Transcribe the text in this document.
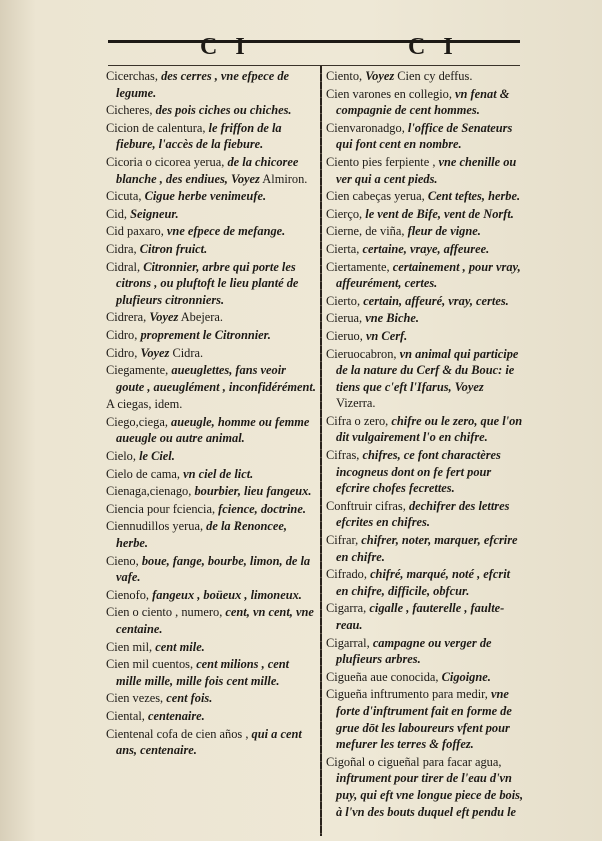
C I	C I
Cicerchas, des cerres , vne efpece de legume.
Cicheres, des pois ciches ou chiches.
Cicion de calentura, le friffon de la fiebure, l'accès de la fiebure.
Cicoria o cicorea yerua, de la chicoree blanche , des endiues, Voyez Almiron.
Cicuta, Cigue herbe venimeufe.
Cid, Seigneur.
Cid paxaro, vne efpece de mefange.
Cidra, Citron fruict.
Cidral, Citronnier, arbre qui porte les citrons , ou pluftoft le lieu planté de plufieurs citronniers.
Cidrera, Voyez Abejera.
Cidro, proprement le Citronnier.
Cidro, Voyez Cidra.
Ciegamente, aueuglettes, fans veoir goute , aueuglément , inconfidérément.
A ciegas, idem.
Ciego,ciega, aueugle, homme ou femme aueugle ou autre animal.
Cielo, le Ciel.
Cielo de cama, vn ciel de lict.
Cienaga,cienago, bourbier, lieu fangeux.
Ciencia pour fciencia, fcience, doctrine.
Ciennudillos yerua, de la Renoncee, herbe.
Cieno, boue, fange, bourbe, limon, de la vafe.
Cienofo, fangeux , boüeux , limoneux.
Cien o ciento , numero, cent, vn cent, vne centaine.
Cien mil, cent mile.
Cien mil cuentos, cent milions , cent mille mille, mille fois cent mille.
Cien vezes, cent fois.
Ciental, centenaire.
Cientenal cofa de cien años , qui a cent ans, centenaire.
Ciento, Voyez Cien cy deffus.
Cien varones en collegio, vn fenat & compagnie de cent hommes.
Cienvaronadgo, l'office de Senateurs qui font cent en nombre.
Ciento pies ferpiente , vne chenille ou ver qui a cent pieds.
Cien cabeças yerua, Cent teftes, herbe.
Cierço, le vent de Bife, vent de Norft.
Cierne, de viña, fleur de vigne.
Cierta, certaine, vraye, affeuree.
Ciertamente, certainement , pour vray, affeurément, certes.
Cierto, certain, affeuré, vray, certes.
Cierua, vne Biche.
Cieruo, vn Cerf.
Cieruocabron, vn animal qui participe de la nature du Cerf & du Bouc: ie tiens que c'eft l'Ifarus, Voyez Vizerra.
Cifra o zero, chifre ou le zero, que l'on dit vulgairement l'o en chifre.
Cifras, chifres, ce font charactères incogneus dont on fe fert pour efcrire chofes fecrettes.
Conftruir cifras, dechifrer des lettres efcrites en chifres.
Cifrar, chifrer, noter, marquer, efcrire en chifre.
Cifrado, chifré, marqué, noté , efcrit en chifre, difficile, obfcur.
Cigarra, cigalle , fauterelle , faulte-reau.
Cigarral, campagne ou verger de plufieurs arbres.
Cigueña aue conocida, Cigoigne.
Cigueña inftrumento para medir, vne forte d'inftrument fait en forme de grue dōt les laboureurs vfent pour mefurer les terres & foffez.
Cigoñal o cigueñal para facar agua, inftrument pour tirer de l'eau d'vn puy, qui eft vne longue piece de bois, à l'vn des bouts duquel eft pendu le
